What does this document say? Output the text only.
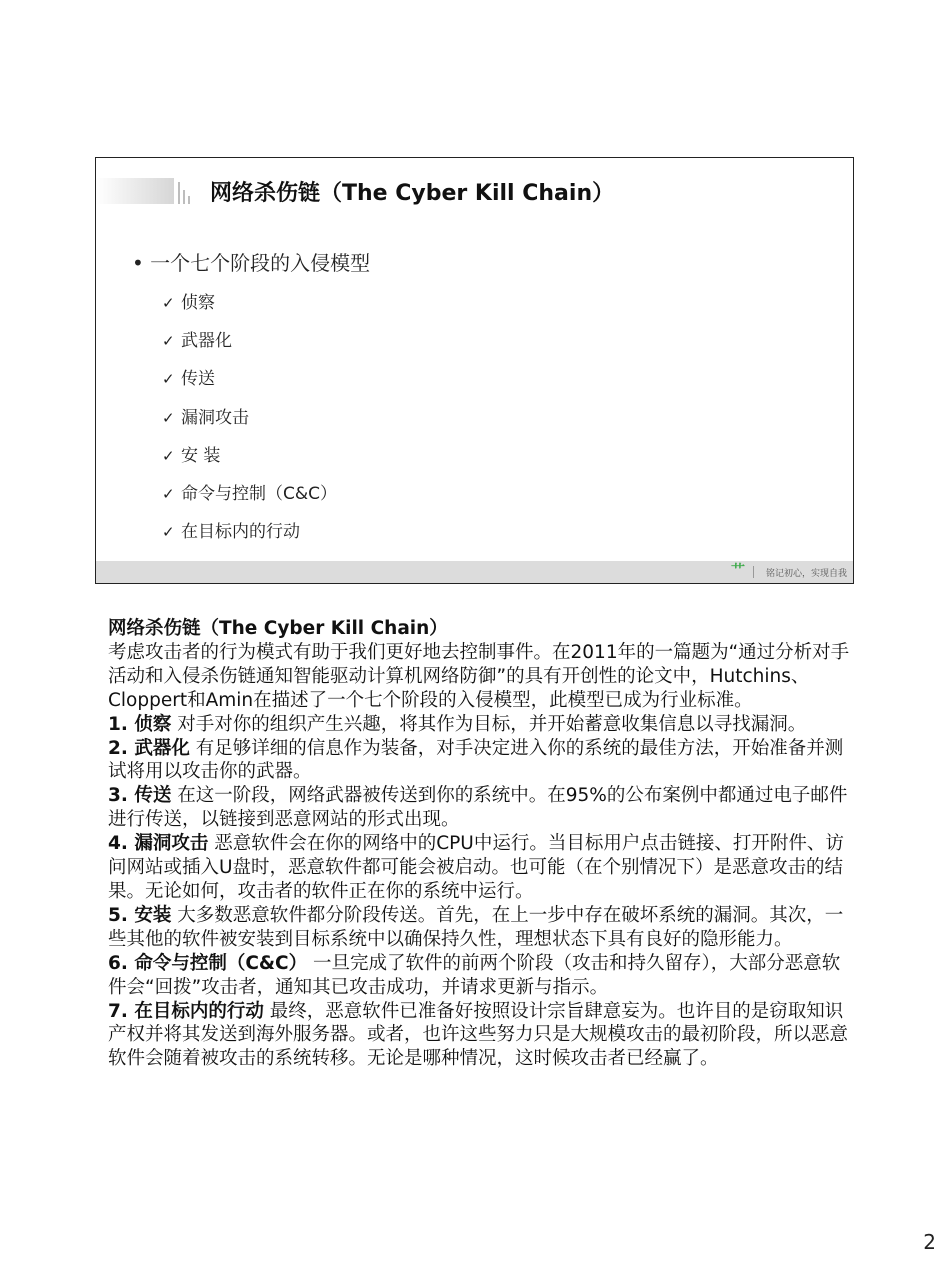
网络杀伤链（The Cyber Kill Chain）
• 一个七个阶段的入侵模型
✓ 侦察
✓ 武器化
✓ 传送
✓ 漏洞攻击
✓ 安 装
✓ 命令与控制（C&C）
✓ 在目标内的行动
⺾ 铭记初心，实现自我

网络杀伤链（The Cyber Kill Chain）

考虑攻击者的行为模式有助于我们更好地去控制事件。在2011年的一篇题为“通过分析对手活动和入侵杀伤链通知智能驱动计算机网络防御”的具有开创性的论文中，Hutchins、Cloppert和Amin在描述了一个七个阶段的入侵模型，此模型已成为行业标准。

1. 侦察 对手对你的组织产生兴趣，将其作为目标，并开始蓄意收集信息以寻找漏洞。

2. 武器化 有足够详细的信息作为装备，对手决定进入你的系统的最佳方法，开始准备并测试将用以攻击你的武器。

3. 传送 在这一阶段，网络武器被传送到你的系统中。在95%的公布案例中都通过电子邮件进行传送，以链接到恶意网站的形式出现。

4. 漏洞攻击 恶意软件会在你的网络中的CPU中运行。当目标用户点击链接、打开附件、访问网站或插入U盘时，恶意软件都可能会被启动。也可能（在个别情况下）是恶意攻击的结果。无论如何，攻击者的软件正在你的系统中运行。

5. 安装 大多数恶意软件都分阶段传送。首先，在上一步中存在破坏系统的漏洞。其次，一些其他的软件被安装到目标系统中以确保持久性，理想状态下具有良好的隐形能力。

6. 命令与控制（C&C） 一旦完成了软件的前两个阶段（攻击和持久留存），大部分恶意软件会“回拨”攻击者，通知其已攻击成功，并请求更新与指示。

7. 在目标内的行动 最终，恶意软件已准备好按照设计宗旨肆意妄为。也许目的是窃取知识产权并将其发送到海外服务器。或者，也许这些努力只是大规模攻击的最初阶段，所以恶意软件会随着被攻击的系统转移。无论是哪种情况，这时候攻击者已经赢了。

2
